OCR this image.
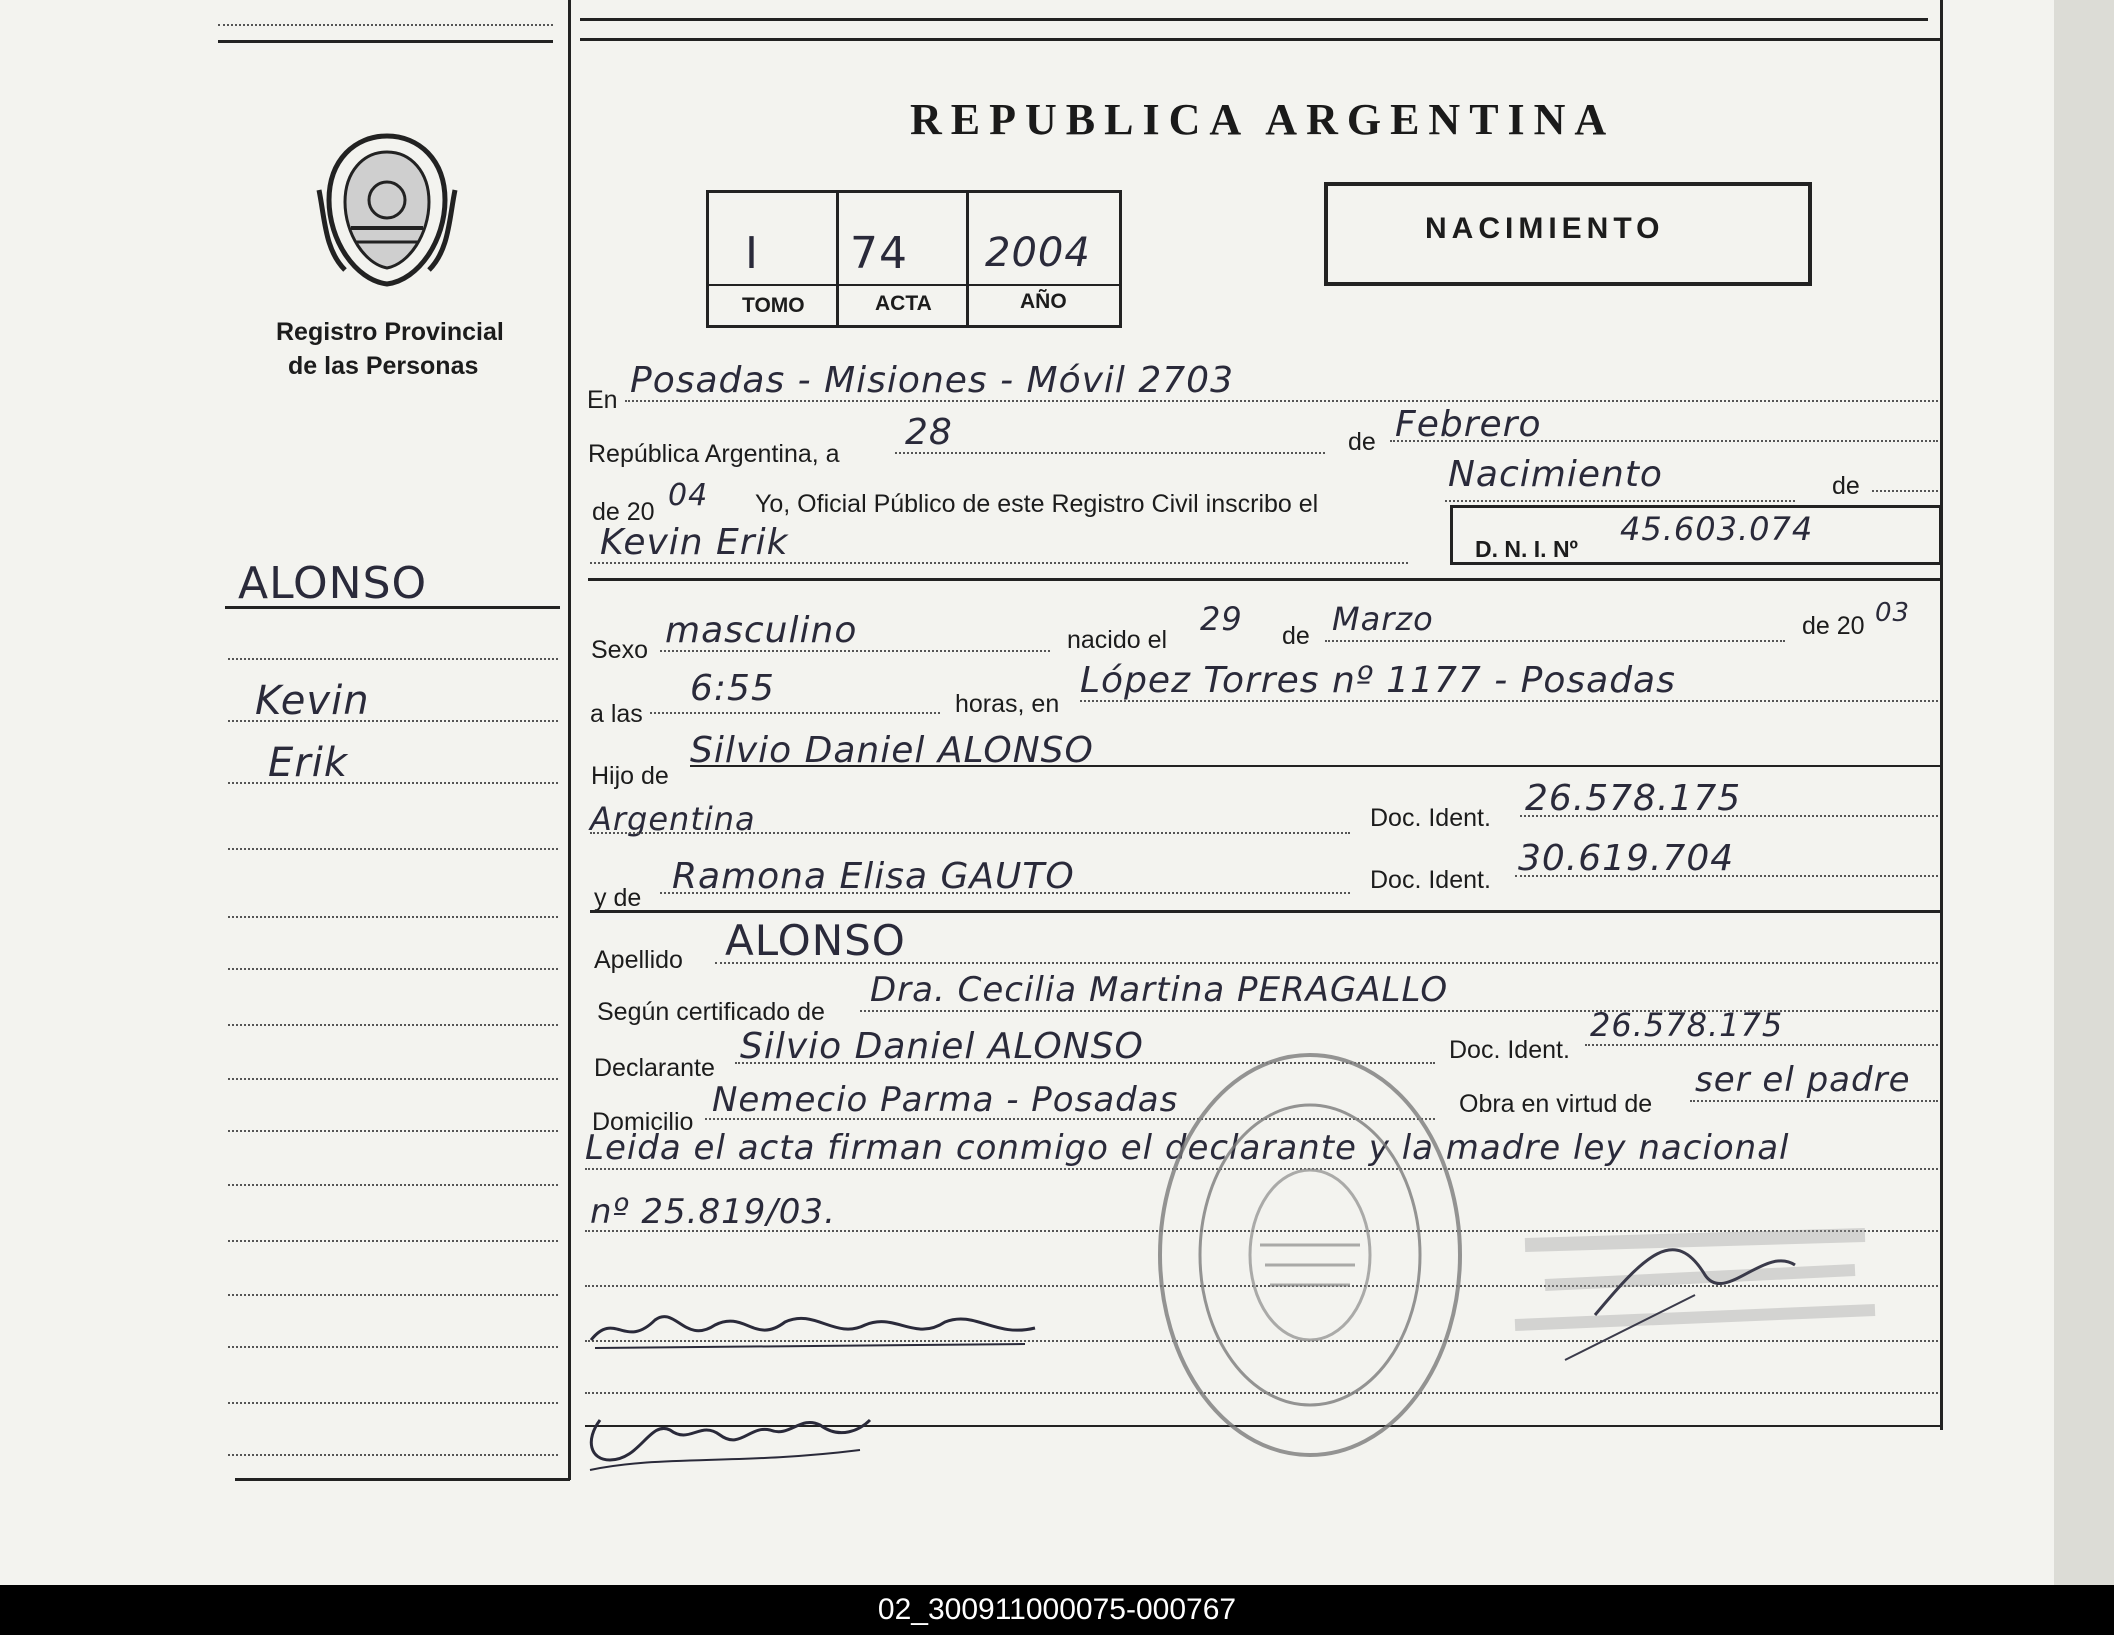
Registro Provincial
de las Personas
ALONSO
Kevin
Erik
REPUBLICA ARGENTINA
I 74 2004
TOMO	ACTA	AÑO
NACIMIENTO
En Posadas - Misiones - Móvil 2703
República Argentina, a
28	de Febrero
de 20 04 Yo, Oficial Público de este Registro Civil inscribo el
Nacimiento	de
Kevin Erik	D. N. I. Nº
45.603.074
Sexo masculino	nacido el
29 de Marzo	de 20 03
a las
6:55	horas, en
López Torres nº 1177 - Posadas
Hijo de
Silvio Daniel ALONSO
Argentina	Doc. Ident. 26.578.175
y de
Ramona Elisa GAUTO	Doc. Ident.
30.619.704
Apellido ALONSO
Según certificado de
Dra. Cecilia Martina PERAGALLO
Declarante
Silvio Daniel ALONSO	Doc. Ident.
26.578.175
Domicilio
Nemecio Parma - Posadas	Obra en virtud de
ser el padre
Leida el acta firman conmigo el declarante y la madre ley nacional
nº 25.819/03.
02_300911000075-000767
